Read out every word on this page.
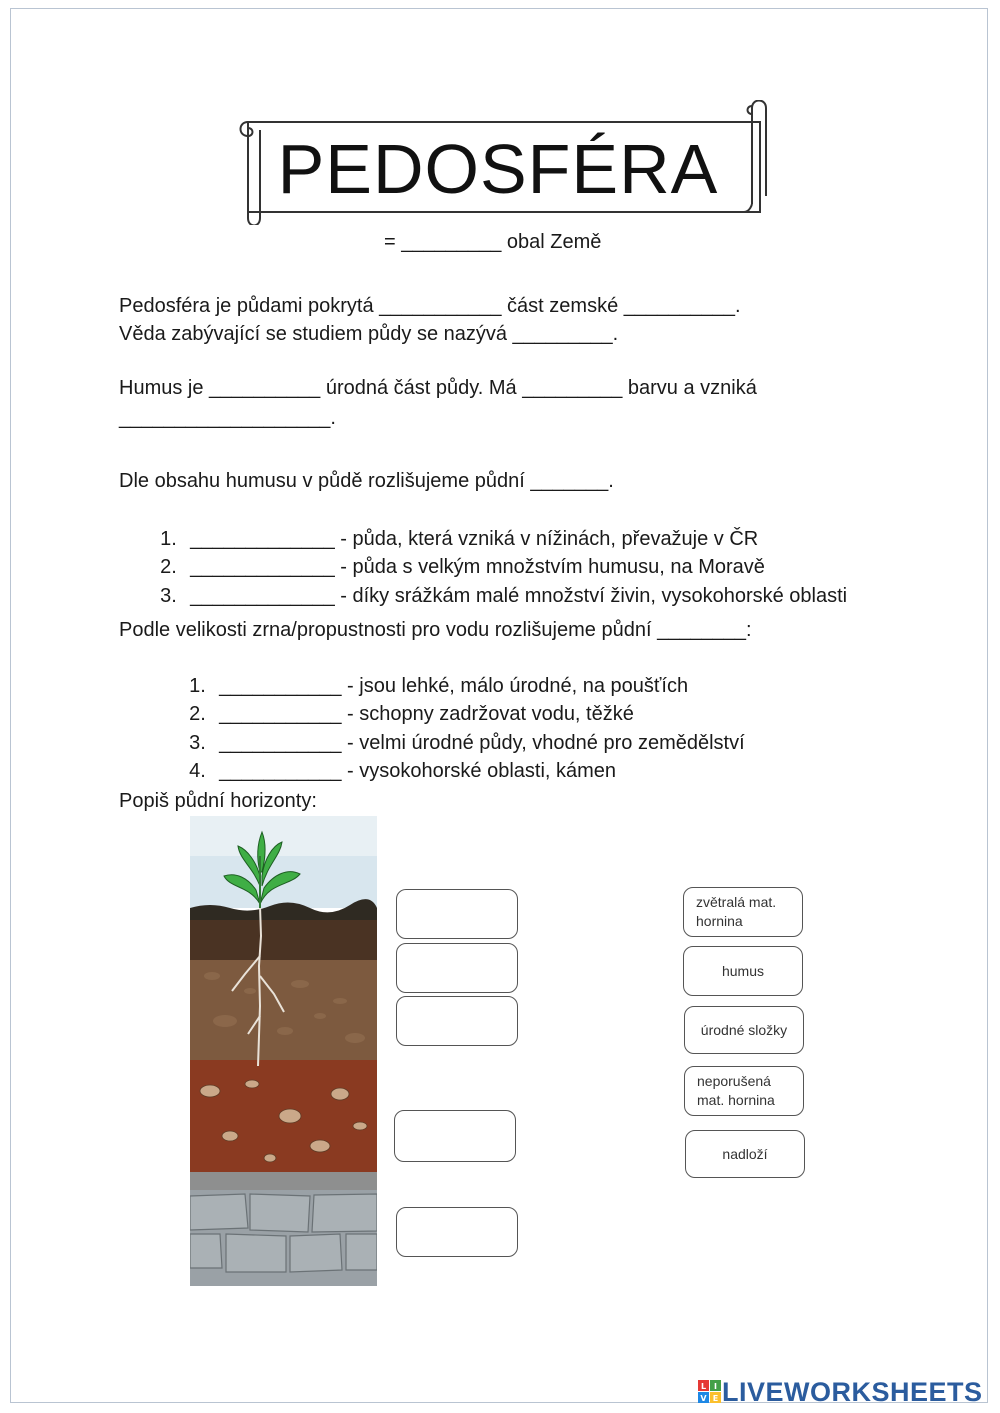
PEDOSFÉRA
= _________ obal Země
Pedosféra je půdami pokrytá ___________ část zemské __________.
Věda zabývající se studiem půdy se nazývá _________.
Humus je __________ úrodná část půdy. Má _________ barvu a vzniká
___________________.
Dle obsahu humusu v půdě rozlišujeme půdní _______.

1. _____________ - půda, která vzniká v nížinách, převažuje v ČR

2. _____________ - půda s velkým množstvím humusu, na Moravě

3. _____________ - díky srážkám malé množství živin, vysokohorské oblasti

Podle velikosti zrna/propustnosti pro vodu rozlišujeme půdní ________:

1. ___________ - jsou lehké, málo úrodné, na poušťích

2. ___________ - schopny zadržovat vodu, těžké

3. ___________ - velmi úrodné půdy, vhodné pro zemědělství

4. ___________ - vysokohorské oblasti, kámen

Popiš půdní horizonty:
zvětralá mat. hornina
humus
úrodné složky
neporušená mat. hornina
nadloží
L I
V E LIVEWORKSHEETS
